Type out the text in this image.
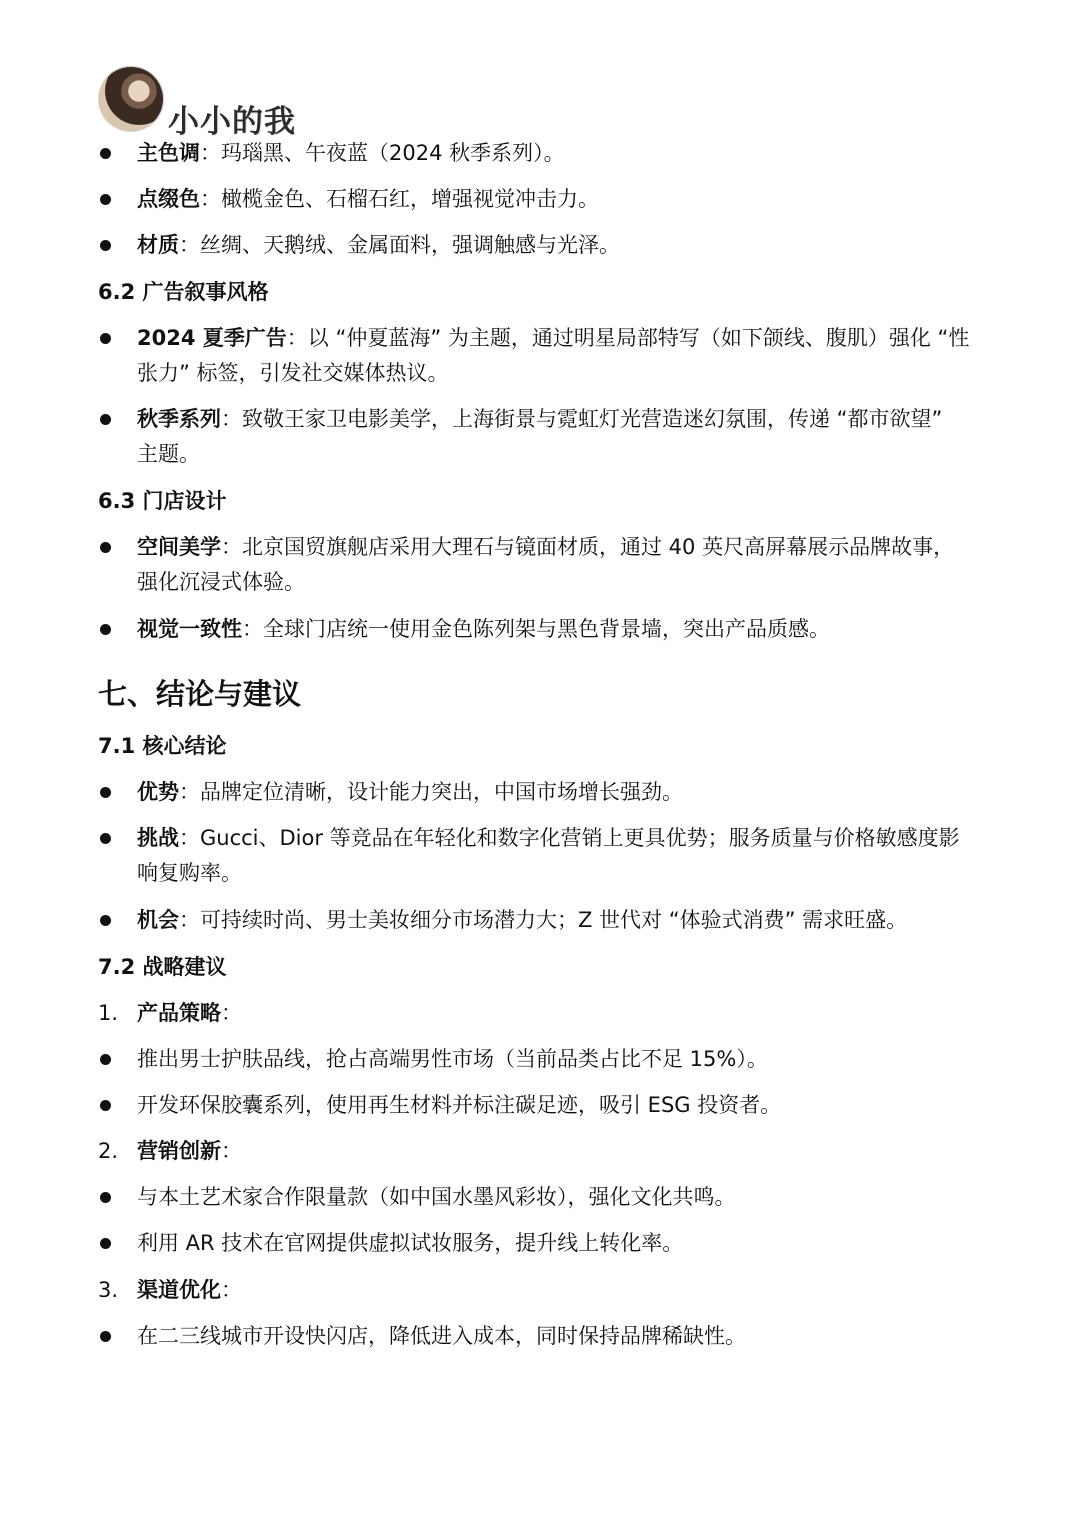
小小的我
主色调：玛瑙黑、午夜蓝（2024 秋季系列）。
点缀色：橄榄金色、石榴石红，增强视觉冲击力。
材质：丝绸、天鹅绒、金属面料，强调触感与光泽。
6.2 广告叙事风格
2024 夏季广告：以 “仲夏蓝海” 为主题，通过明星局部特写（如下颌线、腹肌）强化 “性
张力” 标签，引发社交媒体热议。
秋季系列：致敬王家卫电影美学，上海街景与霓虹灯光营造迷幻氛围，传递 “都市欲望”
主题。
6.3 门店设计
空间美学：北京国贸旗舰店采用大理石与镜面材质，通过 40 英尺高屏幕展示品牌故事，
强化沉浸式体验。
视觉一致性：全球门店统一使用金色陈列架与黑色背景墙，突出产品质感。
七、结论与建议
7.1 核心结论
优势：品牌定位清晰，设计能力突出，中国市场增长强劲。
挑战：Gucci、Dior 等竞品在年轻化和数字化营销上更具优势；服务质量与价格敏感度影
响复购率。
机会：可持续时尚、男士美妆细分市场潜力大；Z 世代对 “体验式消费” 需求旺盛。
7.2 战略建议
1. 产品策略：
推出男士护肤品线，抢占高端男性市场（当前品类占比不足 15%）。
开发环保胶囊系列，使用再生材料并标注碳足迹，吸引 ESG 投资者。
2. 营销创新：
与本土艺术家合作限量款（如中国水墨风彩妆），强化文化共鸣。
利用 AR 技术在官网提供虚拟试妆服务，提升线上转化率。
3. 渠道优化：
在二三线城市开设快闪店，降低进入成本，同时保持品牌稀缺性。
